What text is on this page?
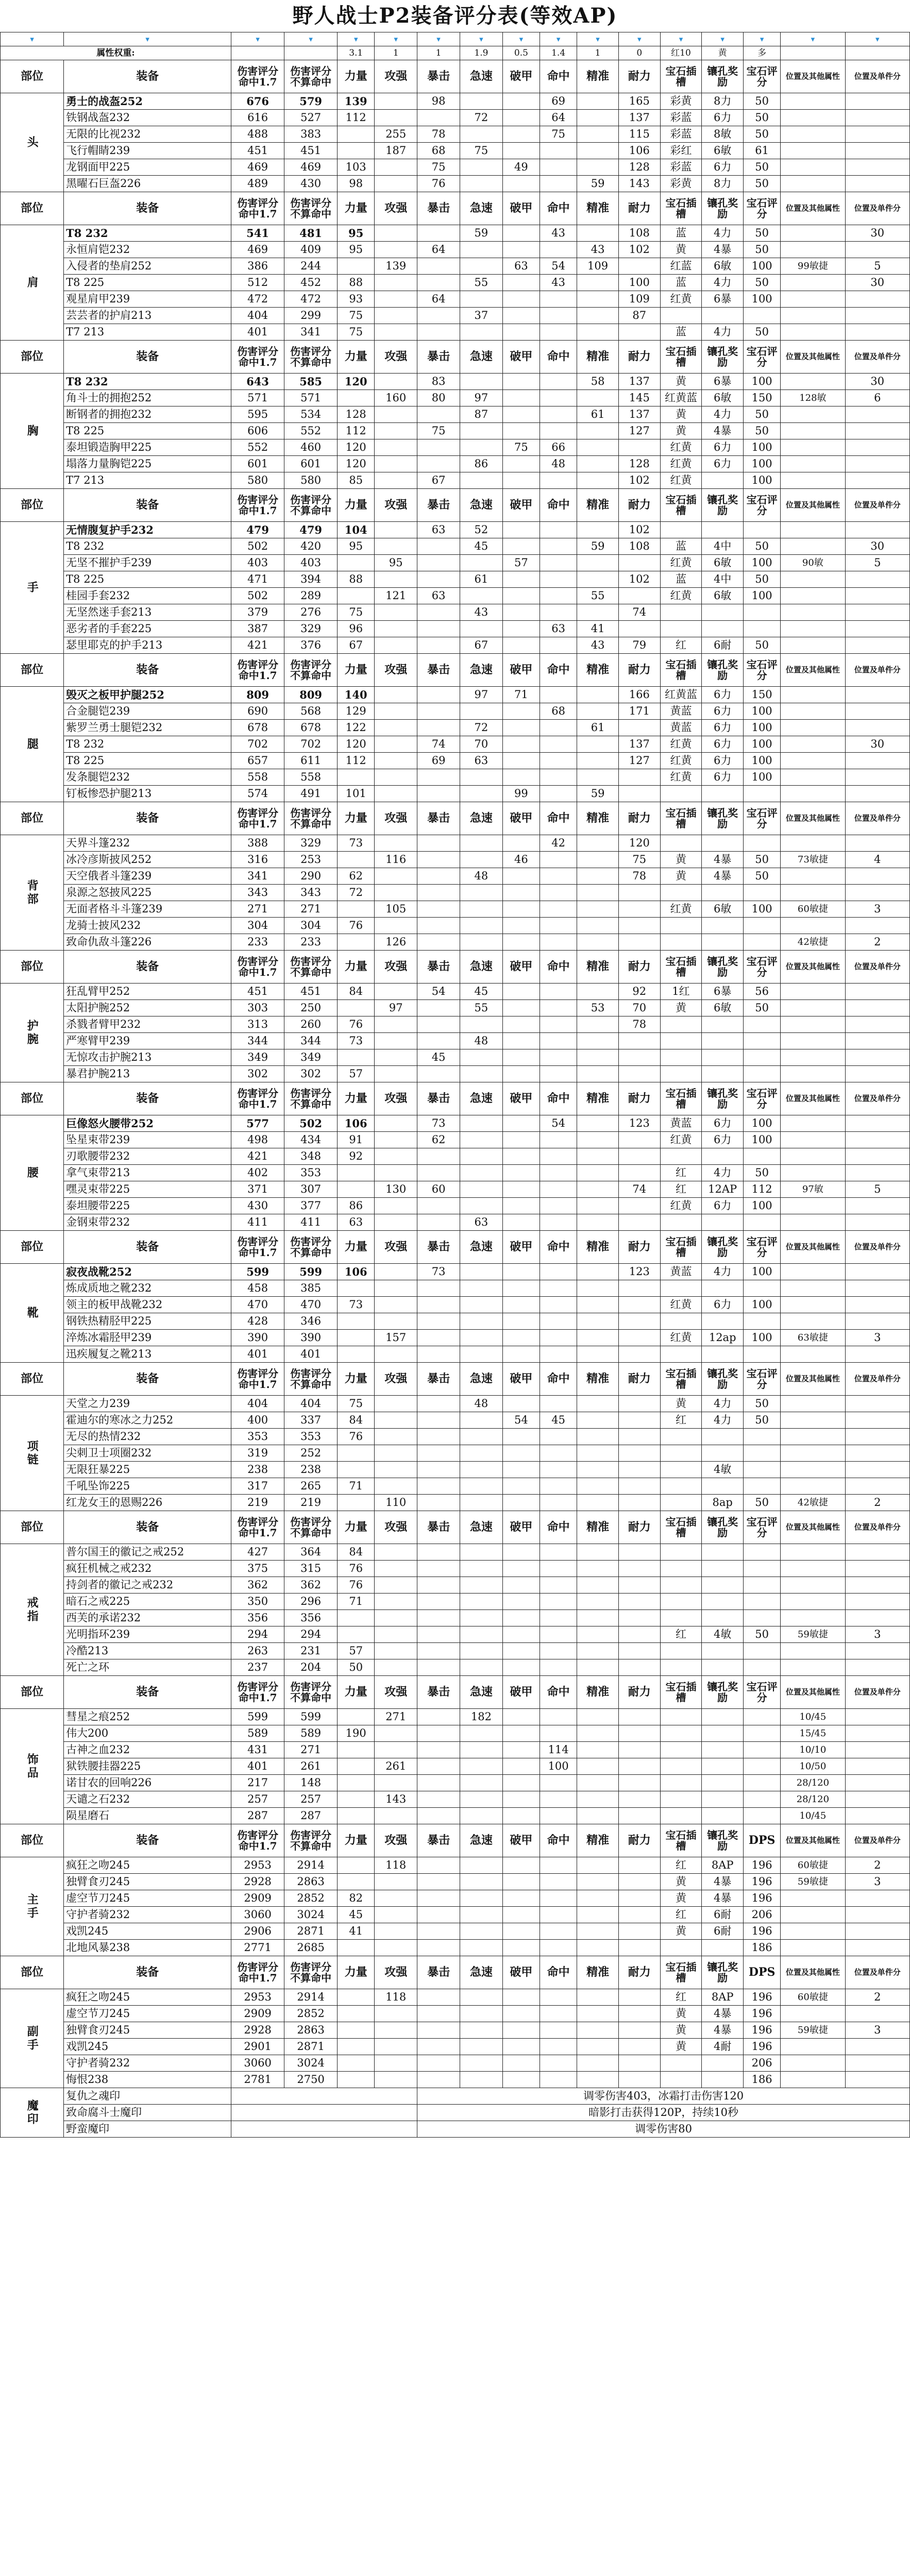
野人战士P2装备评分表(等效AP)																
▾	▾	▾	▾	▾	▾	▾	▾	▾	▾	▾	▾	▾	▾	▾	▾	▾
属性权重:				3.1	1	1	1.9	0.5	1.4	1	0	红10	黄	多		
部位	装备	伤害评分命中1.7	伤害评分不算命中	力量	攻强	暴击	急速	破甲	命中	精准	耐力	宝石插槽	镶孔奖励	宝石评分	位置及其他属性	位置及单件分
头	勇士的战盔252	676	579	139		98			69		165	彩黄	8力	50		
	铁钢战盔232	616	527	112			72		64		137	彩蓝	6力	50		
	无限的比视232	488	383		255	78			75		115	彩蓝	8敏	50		
	飞行帽睛239	451	451		187	68	75				106	彩红	6敏	61		
	龙钢面甲225	469	469	103		75		49			128	彩蓝	6力	50		
	黑曜石巨盔226	489	430	98		76				59	143	彩黄	8力	50		
部位	装备	伤害评分命中1.7	伤害评分不算命中	力量	攻强	暴击	急速	破甲	命中	精准	耐力	宝石插槽	镶孔奖励	宝石评分	位置及其他属性	位置及单件分
肩	T8 232	541	481	95			59		43		108	蓝	4力	50		30
	永恒肩铠232	469	409	95		64				43	102	黄	4暴	50		
	入侵者的垫肩252	386	244		139			63	54	109		红蓝	6敏	100	99敏捷	5
	T8 225	512	452	88			55		43		100	蓝	4力	50		30
	观星肩甲239	472	472	93		64					109	红黄	6暴	100		
	芸芸者的护肩213	404	299	75			37				87					
	T7 213	401	341	75								蓝	4力	50		
部位	装备	伤害评分命中1.7	伤害评分不算命中	力量	攻强	暴击	急速	破甲	命中	精准	耐力	宝石插槽	镶孔奖励	宝石评分	位置及其他属性	位置及单件分
胸	T8 232	643	585	120		83				58	137	黄	6暴	100		30
	角斗士的拥抱252	571	571		160	80	97				145	红黄蓝	6敏	150	128敏	6
	断钢者的拥抱232	595	534	128			87			61	137	黄	4力	50		
	T8 225	606	552	112		75					127	黄	4暴	50		
	泰坦锻造胸甲225	552	460	120				75	66			红黄	6力	100		
	塌落力量胸铠225	601	601	120			86		48		128	红黄	6力	100		
	T7 213	580	580	85		67					102	红黄		100		
部位	装备	伤害评分命中1.7	伤害评分不算命中	力量	攻强	暴击	急速	破甲	命中	精准	耐力	宝石插槽	镶孔奖励	宝石评分	位置及其他属性	位置及单件分
手	无情腹复护手232	479	479	104		63	52				102					
	T8 232	502	420	95			45			59	108	蓝	4中	50		30
	无坚不摧护手239	403	403		95			57				红黄	6敏	100	90敏	5
	T8 225	471	394	88			61				102	蓝	4中	50		
	桂园手套232	502	289		121	63				55		红黄	6敏	100		
	无坚然迷手套213	379	276	75			43				74					
	恶劣者的手套225	387	329	96					63	41						
	瑟里耶克的护手213	421	376	67			67			43	79	红	6耐	50		
部位	装备	伤害评分命中1.7	伤害评分不算命中	力量	攻强	暴击	急速	破甲	命中	精准	耐力	宝石插槽	镶孔奖励	宝石评分	位置及其他属性	位置及单件分
腿	毁灭之板甲护腿252	809	809	140			97	71			166	红黄蓝	6力	150		
	合金腿铠239	690	568	129					68		171	黄蓝	6力	100		
	紫罗兰勇士腿铠232	678	678	122			72			61		黄蓝	6力	100		
	T8 232	702	702	120		74	70				137	红黄	6力	100		30
	T8 225	657	611	112		69	63				127	红黄	6力	100		
	发条腿铠232	558	558									红黄	6力	100		
	钉板惨恐护腿213	574	491	101				99		59						
部位	装备	伤害评分命中1.7	伤害评分不算命中	力量	攻强	暴击	急速	破甲	命中	精准	耐力	宝石插槽	镶孔奖励	宝石评分	位置及其他属性	位置及单件分
背部	天界斗篷232	388	329	73					42		120					
	冰冷彦斯披风252	316	253		116			46			75	黄	4暴	50	73敏捷	4
	天空俄者斗篷239	341	290	62			48				78	黄	4暴	50		
	泉源之怒披风225	343	343	72												
	无面者格斗斗篷239	271	271		105							红黄	6敏	100	60敏捷	3
	龙骑士披风232	304	304	76												
	致命仇敌斗篷226	233	233		126										42敏捷	2
部位	装备	伤害评分命中1.7	伤害评分不算命中	力量	攻强	暴击	急速	破甲	命中	精准	耐力	宝石插槽	镶孔奖励	宝石评分	位置及其他属性	位置及单件分
护腕	狂乱臂甲252	451	451	84		54	45				92	1红	6暴	56		
	太阳护腕252	303	250		97		55			53	70	黄	6敏	50		
	杀戮者臂甲232	313	260	76							78					
	严寒臂甲239	344	344	73			48									
	无惊攻击护腕213	349	349			45										
	暴君护腕213	302	302	57												
部位	装备	伤害评分命中1.7	伤害评分不算命中	力量	攻强	暴击	急速	破甲	命中	精准	耐力	宝石插槽	镶孔奖励	宝石评分	位置及其他属性	位置及单件分
腰	巨像怒火腰带252	577	502	106		73			54		123	黄蓝	6力	100		
	坠星束带239	498	434	91		62						红黄	6力	100		
	刃歌腰带232	421	348	92												
	拿气束带213	402	353									红	4力	50		
	嘿灵束带225	371	307		130	60					74	红	12AP	112	97敏	5
	泰坦腰带225	430	377	86								红黄	6力	100		
	金钢束带232	411	411	63			63									
部位	装备	伤害评分命中1.7	伤害评分不算命中	力量	攻强	暴击	急速	破甲	命中	精准	耐力	宝石插槽	镶孔奖励	宝石评分	位置及其他属性	位置及单件分
靴	寂夜战靴252	599	599	106		73					123	黄蓝	4力	100		
	炼成质地之靴232	458	385													
	领主的板甲战靴232	470	470	73								红黄	6力	100		
	钢铁热精胫甲225	428	346													
	淬炼冰霜胫甲239	390	390		157							红黄	12ap	100	63敏捷	3
	迅疾履复之靴213	401	401													
部位	装备	伤害评分命中1.7	伤害评分不算命中	力量	攻强	暴击	急速	破甲	命中	精准	耐力	宝石插槽	镶孔奖励	宝石评分	位置及其他属性	位置及单件分
项链	天堂之力239	404	404	75			48					黄	4力	50		
	霍迪尔的寒冰之力252	400	337	84				54	45			红	4力	50		
	无尽的热情232	353	353	76												
	尖刺卫士项圈232	319	252													
	无限狂暴225	238	238										4敏			
	千吼坠饰225	317	265	71												
	红龙女王的恩赐226	219	219		110								8ap	50	42敏捷	2
部位	装备	伤害评分命中1.7	伤害评分不算命中	力量	攻强	暴击	急速	破甲	命中	精准	耐力	宝石插槽	镶孔奖励	宝石评分	位置及其他属性	位置及单件分
戒指	普尔国王的徽记之戒252	427	364	84												
	疯狂机械之戒232	375	315	76												
	持剑者的徽记之戒232	362	362	76												
	暗石之戒225	350	296	71												
	西芙的承诺232	356	356													
	光明指环239	294	294									红	4敏	50	59敏捷	3
	冷酷213	263	231	57												
	死亡之环	237	204	50												
部位	装备	伤害评分命中1.7	伤害评分不算命中	力量	攻强	暴击	急速	破甲	命中	精准	耐力	宝石插槽	镶孔奖励	宝石评分	位置及其他属性	位置及单件分
饰品	彗星之痕252	599	599		271		182								10/45	
	伟大200	589	589	190											15/45	
	古神之血232	431	271						114						10/10	
	狱铁腰挂器225	401	261		261				100						10/50	
	诺甘农的回响226	217	148												28/120	
	天谴之石232	257	257		143										28/120	
	陨星磨石	287	287												10/45	
部位	装备	伤害评分命中1.7	伤害评分不算命中	力量	攻强	暴击	急速	破甲	命中	精准	耐力	宝石插槽	镶孔奖励	DPS	位置及其他属性	位置及单件分
主手	疯狂之吻245	2953	2914		118							红	8AP	196	60敏捷	2
	独臂食刃245	2928	2863									黄	4暴	196	59敏捷	3
	虚空节刀245	2909	2852	82								黄	4暴	196		
	守护者骑232	3060	3024	45								红	6耐	206		
	戏凯245	2906	2871	41								黄	6耐	196		
	北地风暴238	2771	2685											186		
部位	装备	伤害评分命中1.7	伤害评分不算命中	力量	攻强	暴击	急速	破甲	命中	精准	耐力	宝石插槽	镶孔奖励	DPS	位置及其他属性	位置及单件分
副手	疯狂之吻245	2953	2914		118							红	8AP	196	60敏捷	2
	虚空节刀245	2909	2852									黄	4暴	196		
	独臂食刃245	2928	2863									黄	4暴	196	59敏捷	3
	戏凯245	2901	2871									黄	4耐	196		
	守护者骑232	3060	3024											206		
	悔恨238	2781	2750											186		
魔印	复仇之魂印					调零伤害403，冰霜打击伤害120										
	致命腐斗士魔印					暗影打击获得120P，持续10秒										
	野蛮魔印					调零伤害80										
